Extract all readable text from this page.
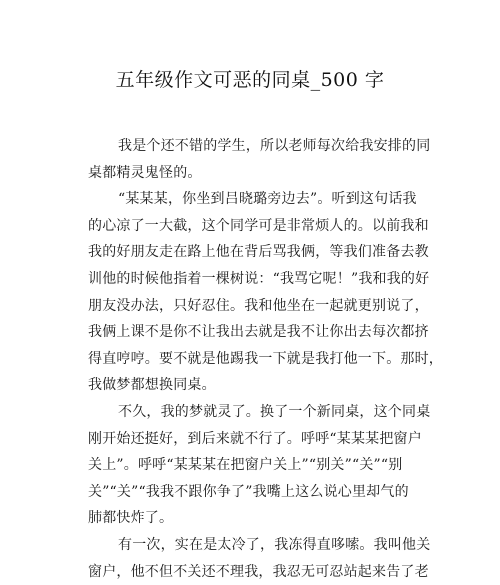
五年级作文可恶的同桌_500 字
我是个还不错的学生，所以老师每次给我安排的同
桌都精灵鬼怪的。
“某某某，你坐到吕晓璐旁边去”。听到这句话我
的心凉了一大截，这个同学可是非常烦人的。以前我和
我的好朋友走在路上他在背后骂我俩，等我们准备去教
训他的时候他指着一棵树说：“我骂它呢！”我和我的好
朋友没办法，只好忍住。我和他坐在一起就更别说了，
我俩上课不是你不让我出去就是我不让你出去每次都挤
得直哼哼。要不就是他踢我一下就是我打他一下。那时，
我做梦都想换同桌。
不久，我的梦就灵了。换了一个新同桌，这个同桌
刚开始还挺好，到后来就不行了。呼呼“某某某把窗户
关上”。呼呼“某某某在把窗户关上”“别关”“关”“别
关”“关”“我我不跟你争了”我嘴上这么说心里却气的
肺都快炸了。
有一次，实在是太冷了，我冻得直哆嗦。我叫他关
窗户，他不但不关还不理我，我忍无可忍站起来告了老
